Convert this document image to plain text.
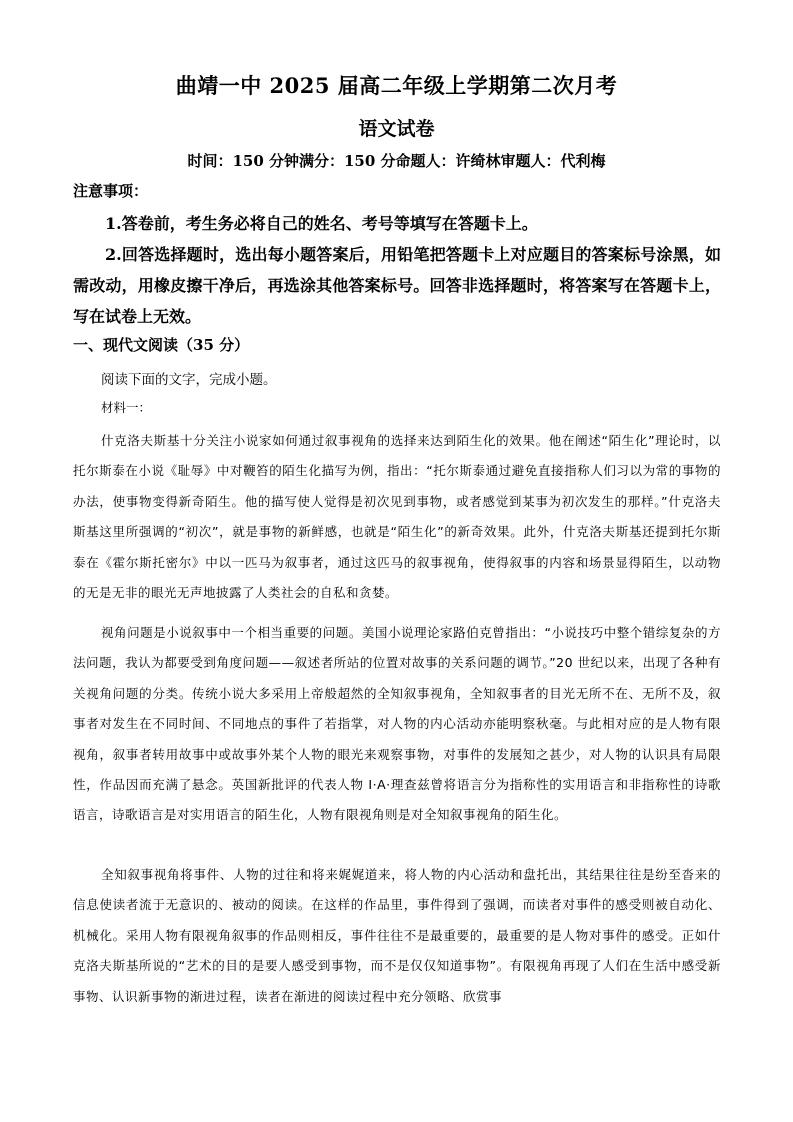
曲靖一中 2025 届高二年级上学期第二次月考
语文试卷
时间：150 分钟满分：150 分命题人：许绮林审题人：代利梅
注意事项：
1.答卷前，考生务必将自己的姓名、考号等填写在答题卡上。
2.回答选择题时，选出每小题答案后，用铅笔把答题卡上对应题目的答案标号涂黑，如需改动，用橡皮擦干净后，再选涂其他答案标号。回答非选择题时，将答案写在答题卡上，写在试卷上无效。
一、现代文阅读（35 分）
阅读下面的文字，完成小题。
材料一：
什克洛夫斯基十分关注小说家如何通过叙事视角的选择来达到陌生化的效果。他在阐述“陌生化”理论时，以托尔斯泰在小说《耻辱》中对鞭笞的陌生化描写为例，指出：“托尔斯泰通过避免直接指称人们习以为常的事物的办法，使事物变得新奇陌生。他的描写使人觉得是初次见到事物，或者感觉到某事为初次发生的那样。”什克洛夫斯基这里所强调的“初次”，就是事物的新鲜感，也就是“陌生化”的新奇效果。此外，什克洛夫斯基还提到托尔斯泰在《霍尔斯托密尔》中以一匹马为叙事者，通过这匹马的叙事视角，使得叙事的内容和场景显得陌生，以动物的无是无非的眼光无声地披露了人类社会的自私和贪婪。
视角问题是小说叙事中一个相当重要的问题。美国小说理论家路伯克曾指出：“小说技巧中整个错综复杂的方法问题，我认为都要受到角度问题——叙述者所站的位置对故事的关系问题的调节。”20 世纪以来，出现了各种有关视角问题的分类。传统小说大多采用上帝般超然的全知叙事视角，全知叙事者的目光无所不在、无所不及，叙事者对发生在不同时间、不同地点的事件了若指掌，对人物的内心活动亦能明察秋毫。与此相对应的是人物有限视角，叙事者转用故事中或故事外某个人物的眼光来观察事物，对事件的发展知之甚少，对人物的认识具有局限性，作品因而充满了悬念。英国新批评的代表人物 I·A·理查兹曾将语言分为指称性的实用语言和非指称性的诗歌语言，诗歌语言是对实用语言的陌生化，人物有限视角则是对全知叙事视角的陌生化。
全知叙事视角将事件、人物的过往和将来娓娓道来，将人物的内心活动和盘托出，其结果往往是纷至沓来的信息使读者流于无意识的、被动的阅读。在这样的作品里，事件得到了强调，而读者对事件的感受则被自动化、机械化。采用人物有限视角叙事的作品则相反，事件往往不是最重要的，最重要的是人物对事件的感受。正如什克洛夫斯基所说的“艺术的目的是要人感受到事物，而不是仅仅知道事物”。有限视角再现了人们在生活中感受新事物、认识新事物的渐进过程，读者在渐进的阅读过程中充分领略、欣赏事
